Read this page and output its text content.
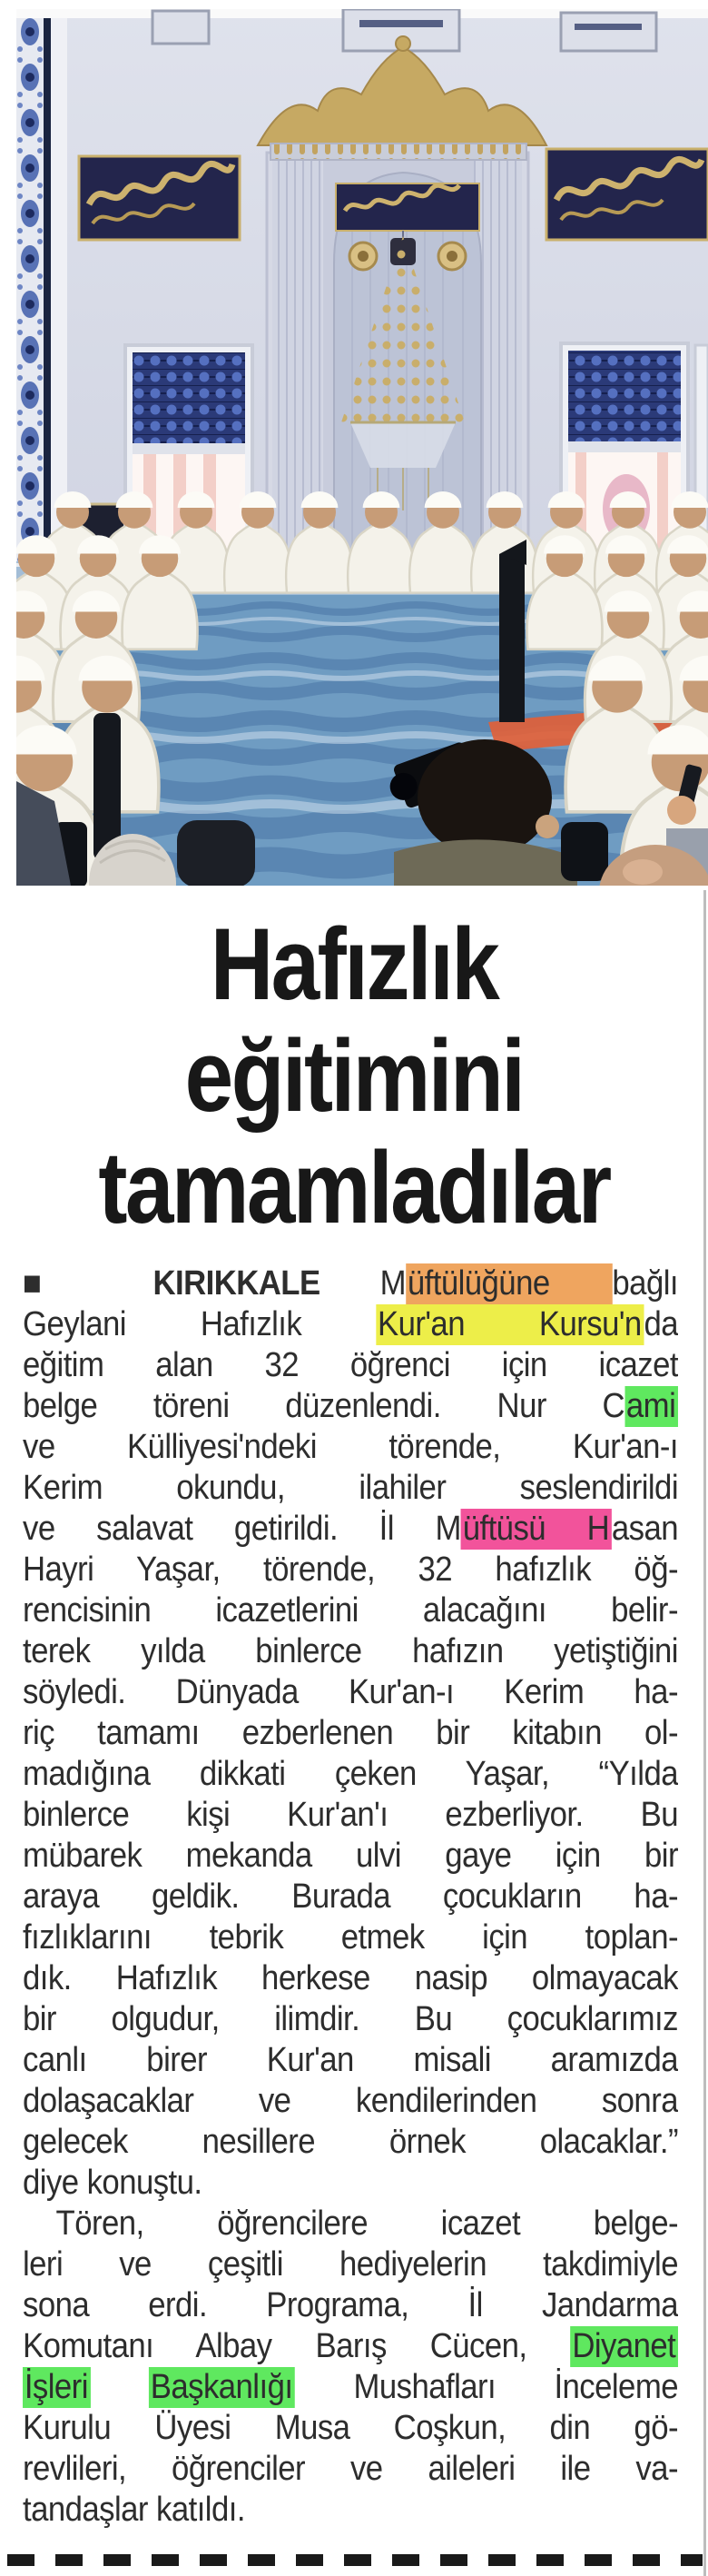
Hafızlık
eğitimini
tamamladılar
■ KIRIKKALE Müftülüğüne bağlı
Geylani Hafızlık Kur'an Kursu'nda
eğitim alan 32 öğrenci için icazet
belge töreni düzenlendi. Nur Cami
ve Külliyesi'ndeki törende, Kur'an-ı
Kerim okundu, ilahiler seslendirildi
ve salavat getirildi. İl Müftüsü Hasan
Hayri Yaşar, törende, 32 hafızlık öğ-
rencisinin icazetlerini alacağını belir-
terek yılda binlerce hafızın yetiştiğini
söyledi. Dünyada Kur'an-ı Kerim ha-
riç tamamı ezberlenen bir kitabın ol-
madığına dikkati çeken Yaşar, “Yılda
binlerce kişi Kur'an'ı ezberliyor. Bu
mübarek mekanda ulvi gaye için bir
araya geldik. Burada çocukların ha-
fızlıklarını tebrik etmek için toplan-
dık. Hafızlık herkese nasip olmayacak
bir olgudur, ilimdir. Bu çocuklarımız
canlı birer Kur'an misali aramızda
dolaşacaklar ve kendilerinden sonra
gelecek nesillere örnek olacaklar.”
diye konuştu.
Tören, öğrencilere icazet belge-
leri ve çeşitli hediyelerin takdimiyle
sona erdi. Programa, İl Jandarma
Komutanı Albay Barış Cücen, Diyanet
İşleri Başkanlığı Mushafları İnceleme
Kurulu Üyesi Musa Coşkun, din gö-
revlileri, öğrenciler ve aileleri ile va-
tandaşlar katıldı.
